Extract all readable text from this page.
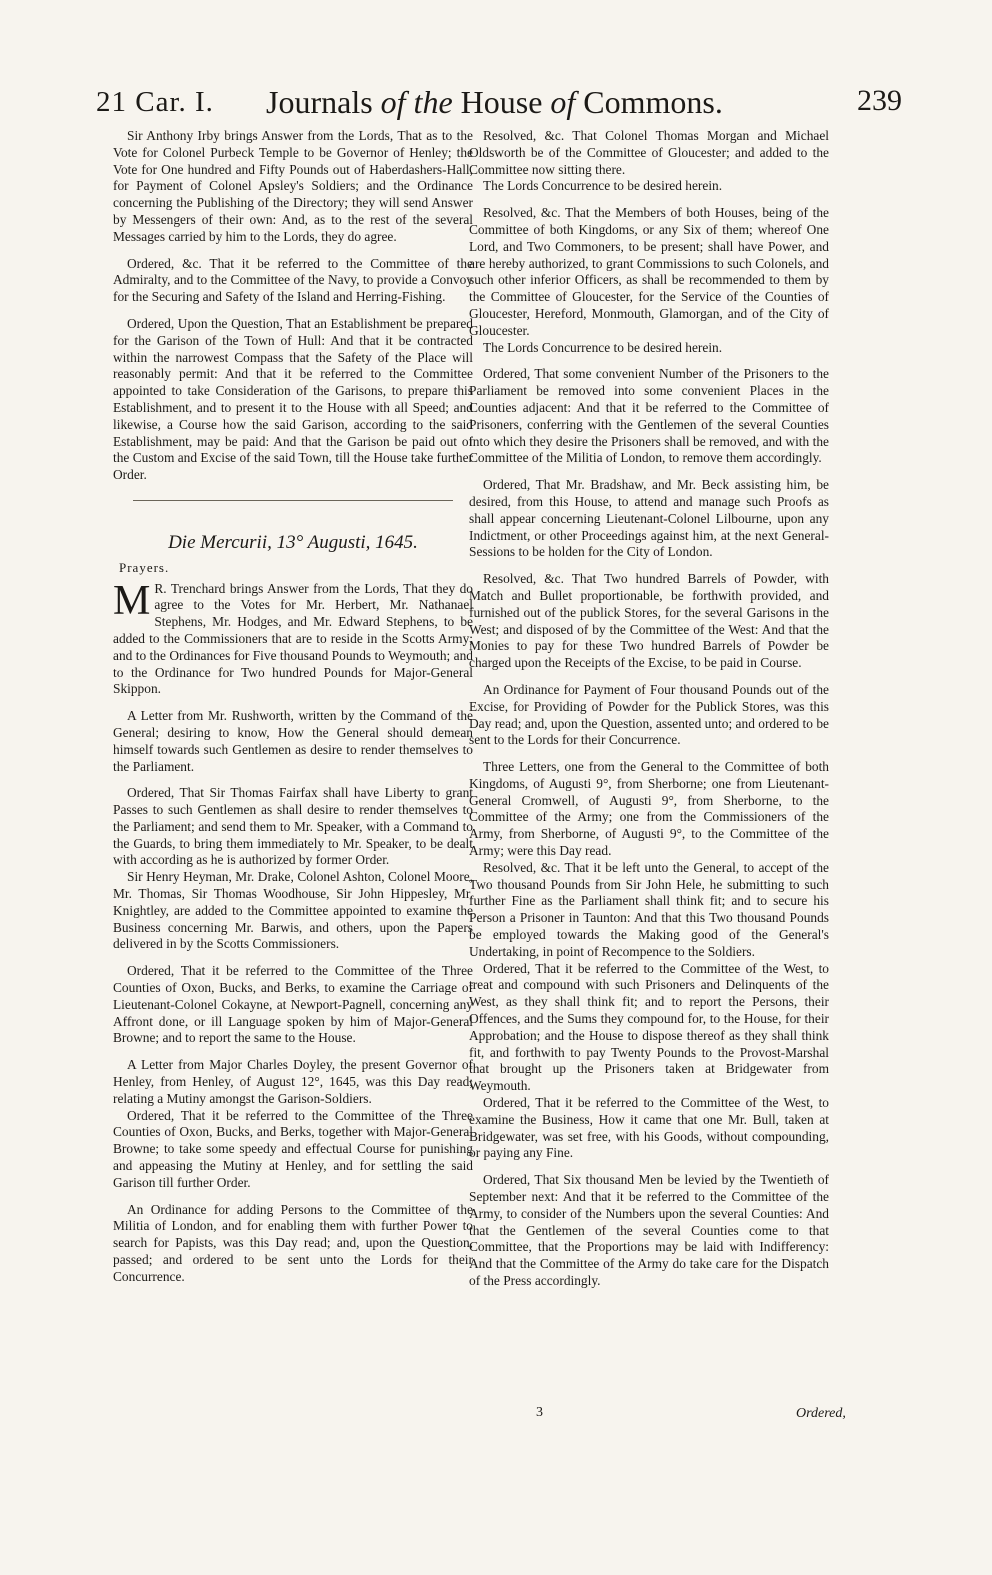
21 Car. I. Journals of the House of Commons.	239

Sir Anthony Irby brings Answer from the Lords, That as to the Vote for Colonel Purbeck Temple to be Governor of Henley; the Vote for One hundred and Fifty Pounds out of Haberdashers-Hall, for Payment of Colonel Apsley's Soldiers; and the Ordinance concerning the Publishing of the Directory; they will send Answer by Messengers of their own: And, as to the rest of the several Messages carried by him to the Lords, they do agree.

Ordered, &c. That it be referred to the Committee of the Admiralty, and to the Committee of the Navy, to provide a Convoy for the Securing and Safety of the Island and Herring-Fishing.

Ordered, Upon the Question, That an Establishment be prepared for the Garison of the Town of Hull: And that it be contracted within the narrowest Compass that the Safety of the Place will reasonably permit: And that it be referred to the Committee appointed to take Consideration of the Garisons, to prepare this Establishment, and to present it to the House with all Speed; and likewise, a Course how the said Garison, according to the said Establishment, may be paid: And that the Garison be paid out of the Custom and Excise of the said Town, till the House take further Order.

Die Mercurii, 13° Augusti, 1645.
Prayers.

M R. Trenchard brings Answer from the Lords, That they do agree to the Votes for Mr. Herbert, Mr. Nathanael Stephens, Mr. Hodges, and Mr. Edward Stephens, to be added to the Commissioners that are to reside in the Scotts Army; and to the Ordinances for Five thousand Pounds to Weymouth; and to the Ordinance for Two hundred Pounds for Major-General Skippon.

A Letter from Mr. Rushworth, written by the Command of the General; desiring to know, How the General should demean himself towards such Gentlemen as desire to render themselves to the Parliament.

Ordered, That Sir Thomas Fairfax shall have Liberty to grant Passes to such Gentlemen as shall desire to render themselves to the Parliament; and send them to Mr. Speaker, with a Command to the Guards, to bring them immediately to Mr. Speaker, to be dealt with according as he is authorized by former Order.

Sir Henry Heyman, Mr. Drake, Colonel Ashton, Colonel Moore, Mr. Thomas, Sir Thomas Woodhouse, Sir John Hippesley, Mr. Knightley, are added to the Committee appointed to examine the Business concerning Mr. Barwis, and others, upon the Papers delivered in by the Scotts Commissioners.

Ordered, That it be referred to the Committee of the Three Counties of Oxon, Bucks, and Berks, to examine the Carriage of Lieutenant-Colonel Cokayne, at Newport-Pagnell, concerning any Affront done, or ill Language spoken by him of Major-General Browne; and to report the same to the House.

A Letter from Major Charles Doyley, the present Governor of Henley, from Henley, of August 12°, 1645, was this Day read; relating a Mutiny amongst the Garison-Soldiers.

Ordered, That it be referred to the Committee of the Three Counties of Oxon, Bucks, and Berks, together with Major-General Browne; to take some speedy and effectual Course for punishing and appeasing the Mutiny at Henley, and for settling the said Garison till further Order.

An Ordinance for adding Persons to the Committee of the Militia of London, and for enabling them with further Power to search for Papists, was this Day read; and, upon the Question, passed; and ordered to be sent unto the Lords for their Concurrence.

Resolved, &c. That Colonel Thomas Morgan and Michael Oldsworth be of the Committee of Gloucester; and added to the Committee now sitting there.

The Lords Concurrence to be desired herein.

Resolved, &c. That the Members of both Houses, being of the Committee of both Kingdoms, or any Six of them; whereof One Lord, and Two Commoners, to be present; shall have Power, and are hereby authorized, to grant Commissions to such Colonels, and such other inferior Officers, as shall be recommended to them by the Committee of Gloucester, for the Service of the Counties of Gloucester, Hereford, Monmouth, Glamorgan, and of the City of Gloucester.

The Lords Concurrence to be desired herein.

Ordered, That some convenient Number of the Prisoners to the Parliament be removed into some convenient Places in the Counties adjacent: And that it be referred to the Committee of Prisoners, conferring with the Gentlemen of the several Counties into which they desire the Prisoners shall be removed, and with the Committee of the Militia of London, to remove them accordingly.

Ordered, That Mr. Bradshaw, and Mr. Beck assisting him, be desired, from this House, to attend and manage such Proofs as shall appear concerning Lieutenant-Colonel Lilbourne, upon any Indictment, or other Proceedings against him, at the next General-Sessions to be holden for the City of London.

Resolved, &c. That Two hundred Barrels of Powder, with Match and Bullet proportionable, be forthwith provided, and furnished out of the publick Stores, for the several Garisons in the West; and disposed of by the Committee of the West: And that the Monies to pay for these Two hundred Barrels of Powder be charged upon the Receipts of the Excise, to be paid in Course.

An Ordinance for Payment of Four thousand Pounds out of the Excise, for Providing of Powder for the Publick Stores, was this Day read; and, upon the Question, assented unto; and ordered to be sent to the Lords for their Concurrence.

Three Letters, one from the General to the Committee of both Kingdoms, of Augusti 9°, from Sherborne; one from Lieutenant-General Cromwell, of Augusti 9°, from Sherborne, to the Committee of the Army; one from the Commissioners of the Army, from Sherborne, of Augusti 9°, to the Committee of the Army; were this Day read.

Resolved, &c. That it be left unto the General, to accept of the Two thousand Pounds from Sir John Hele, he submitting to such further Fine as the Parliament shall think fit; and to secure his Person a Prisoner in Taunton: And that this Two thousand Pounds be employed towards the Making good of the General's Undertaking, in point of Recompence to the Soldiers.

Ordered, That it be referred to the Committee of the West, to treat and compound with such Prisoners and Delinquents of the West, as they shall think fit; and to report the Persons, their Offences, and the Sums they compound for, to the House, for their Approbation; and the House to dispose thereof as they shall think fit, and forthwith to pay Twenty Pounds to the Provost-Marshal that brought up the Prisoners taken at Bridgewater from Weymouth.

Ordered, That it be referred to the Committee of the West, to examine the Business, How it came that one Mr. Bull, taken at Bridgewater, was set free, with his Goods, without compounding, or paying any Fine.

Ordered, That Six thousand Men be levied by the Twentieth of September next: And that it be referred to the Committee of the Army, to consider of the Numbers upon the several Counties: And that the Gentlemen of the several Counties come to that Committee, that the Proportions may be laid with Indifferency: And that the Committee of the Army do take care for the Dispatch of the Press accordingly.

3	Ordered,
